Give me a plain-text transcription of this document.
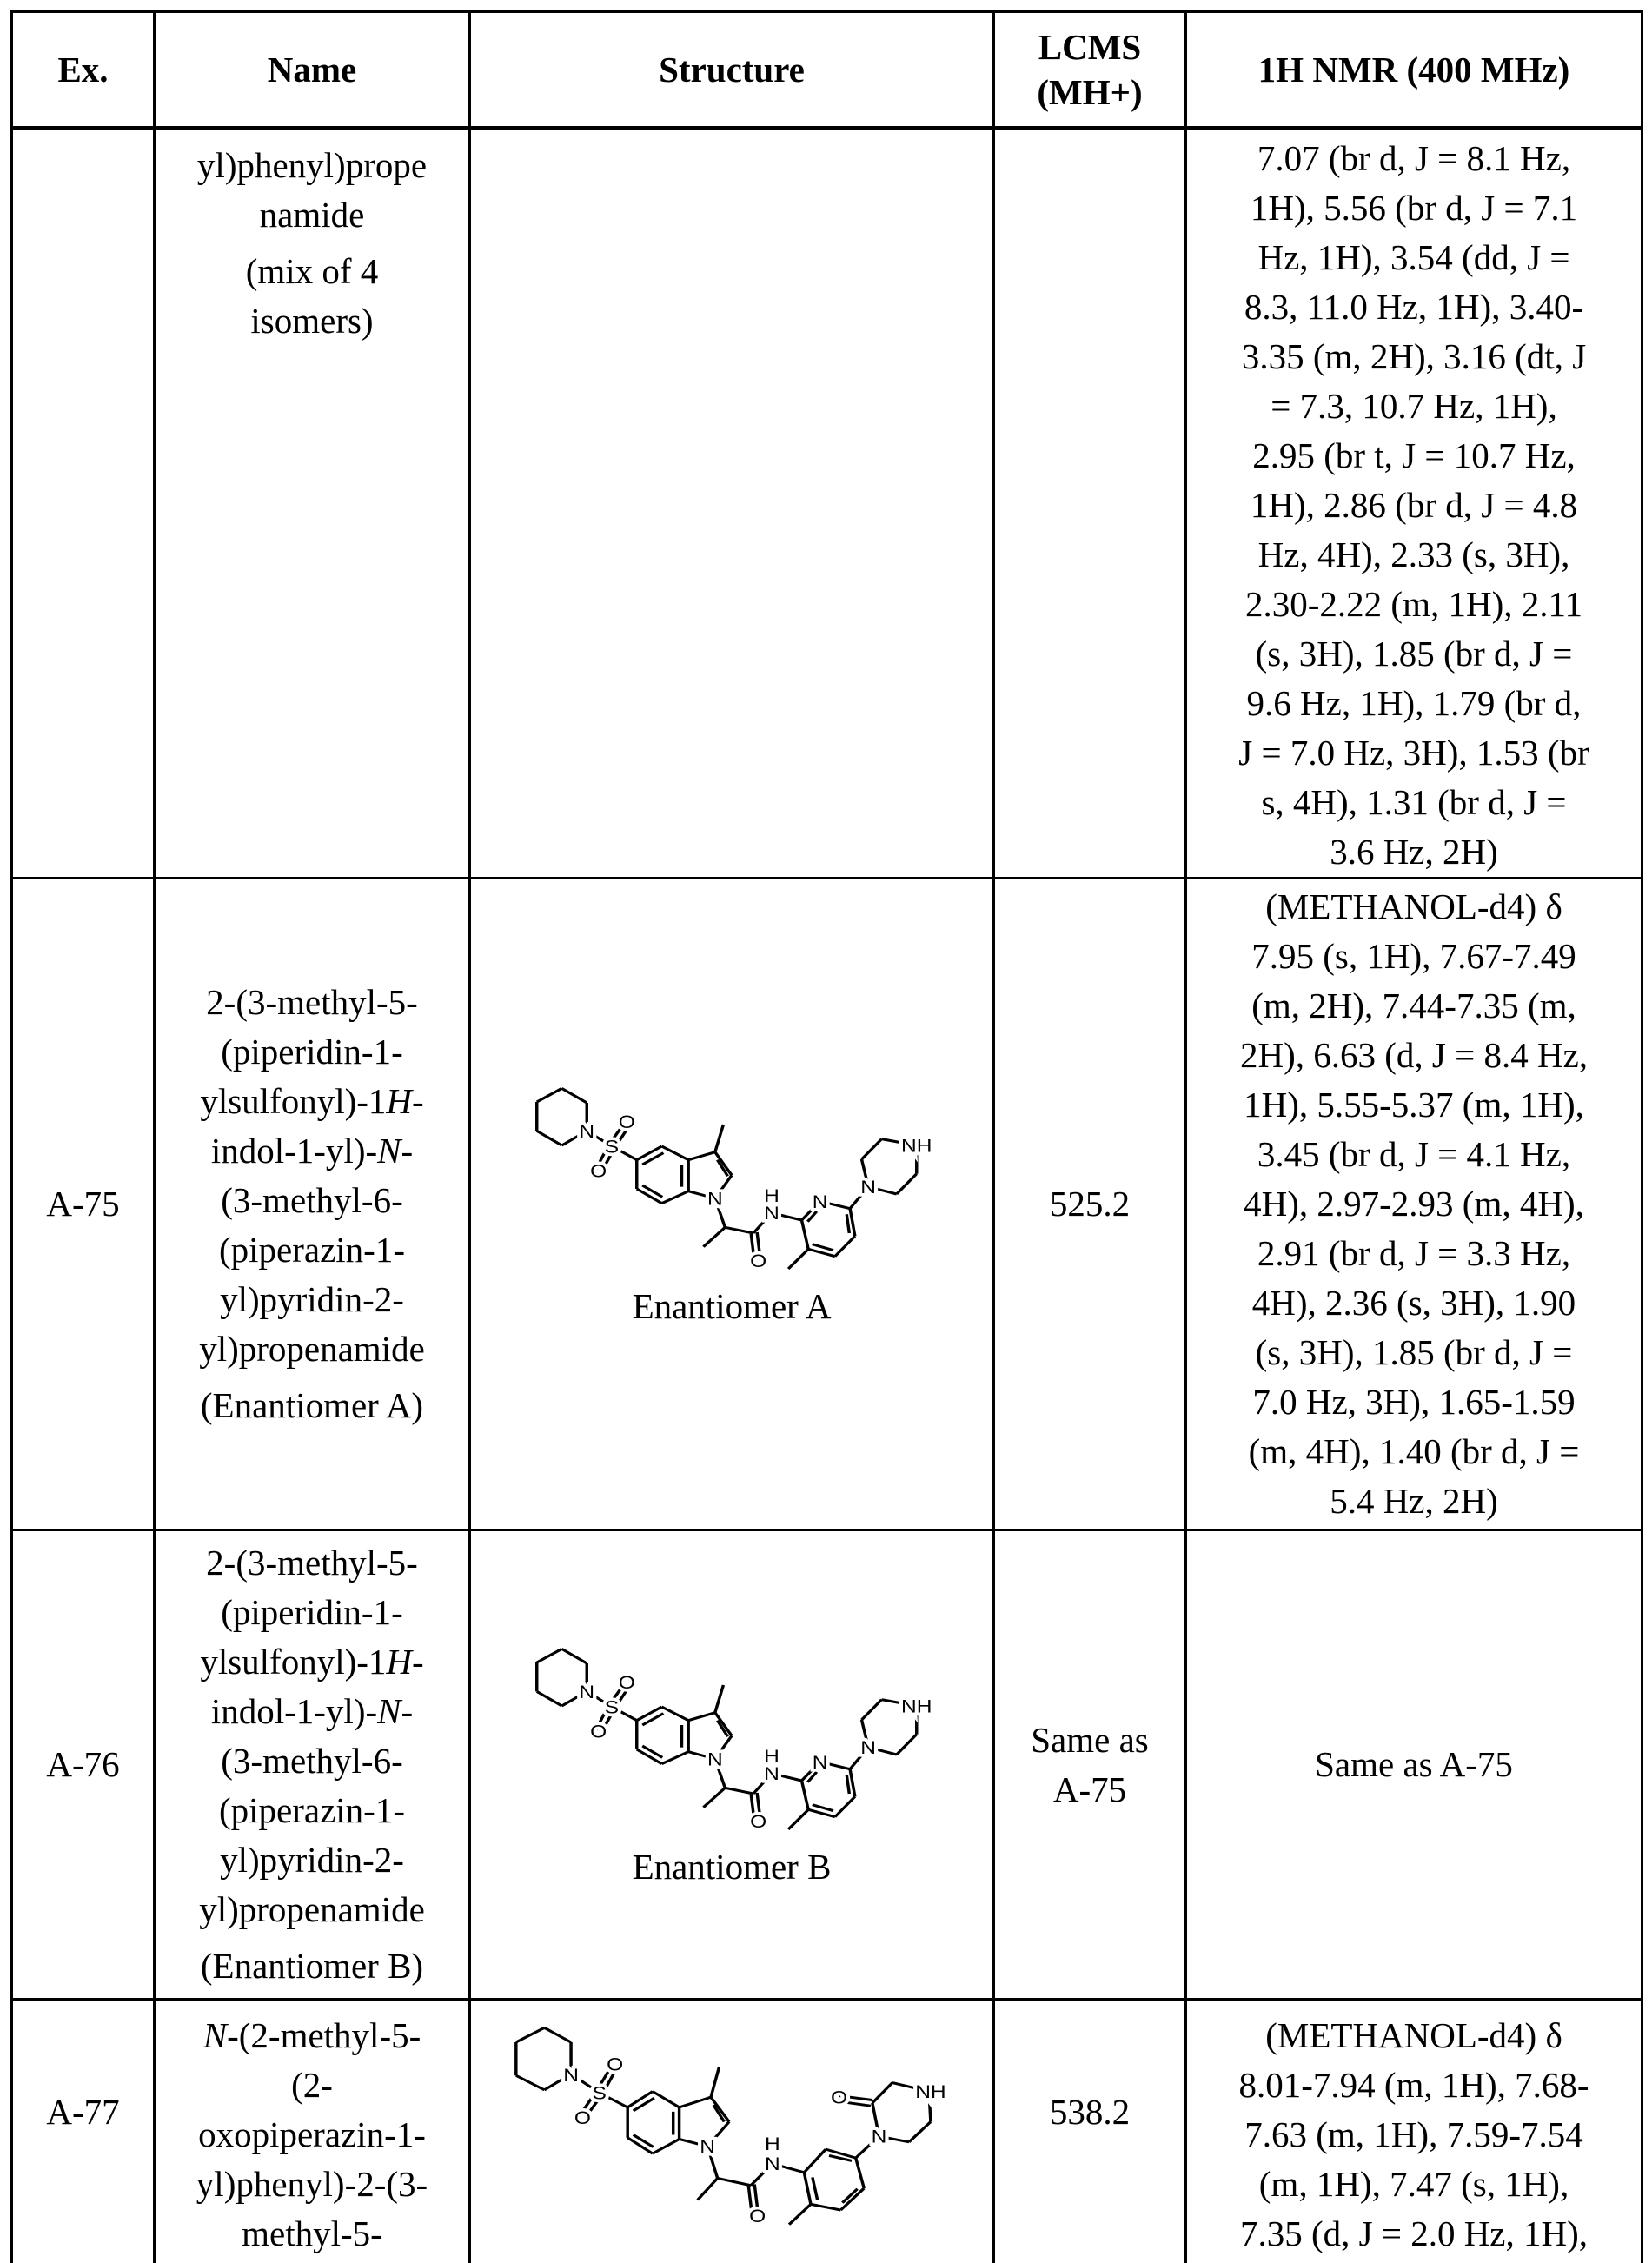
Ex.	Name	Structure	
LCMS
(MH+)
	1H NMR (400 MHz)

yl)phenyl)prope
namide
(mix of 4
isomers)

7.07 (br d, J = 8.1 Hz,
1H), 5.56 (br d, J = 7.1
Hz, 1H), 3.54 (dd, J =
8.3, 11.0 Hz, 1H), 3.40-
3.35 (m, 2H), 3.16 (dt, J
= 7.3, 10.7 Hz, 1H),
2.95 (br t, J = 10.7 Hz,
1H), 2.86 (br d, J = 4.8
Hz, 4H), 2.33 (s, 3H),
2.30-2.22 (m, 1H), 2.11
(s, 3H), 1.85 (br d, J =
9.6 Hz, 1H), 1.79 (br d,
J = 7.0 Hz, 3H), 1.53 (br
s, 4H), 1.31 (br d, J =
3.6 Hz, 2H)

A-75	
2-(3-methyl-5-
(piperidin-1-
ylsulfonyl)-1H-
indol-1-yl)-N-
(3-methyl-6-
(piperazin-1-
yl)pyridin-2-
yl)propenamide
(Enantiomer A)

N
S
O
O
N H
N
O
N
N
NH
Enantiomer A

525.2

(METHANOL-d4) δ
7.95 (s, 1H), 7.67-7.49
(m, 2H), 7.44-7.35 (m,
2H), 6.63 (d, J = 8.4 Hz,
1H), 5.55-5.37 (m, 1H),
3.45 (br d, J = 4.1 Hz,
4H), 2.97-2.93 (m, 4H),
2.91 (br d, J = 3.3 Hz,
4H), 2.36 (s, 3H), 1.90
(s, 3H), 1.85 (br d, J =
7.0 Hz, 3H), 1.65-1.59
(m, 4H), 1.40 (br d, J =
5.4 Hz, 2H)

A-76	
2-(3-methyl-5-
(piperidin-1-
ylsulfonyl)-1H-
indol-1-yl)-N-
(3-methyl-6-
(piperazin-1-
yl)pyridin-2-
yl)propenamide
(Enantiomer B)

N
S
O
O
N H
N
O
N
N
NH
Enantiomer B

Same as
A-75

Same as A-75

A-77	
N-(2-methyl-5-
(2-
oxopiperazin-1-
yl)phenyl)-2-(3-
methyl-5-

N
S
O
O
N H
N
O
N
O NH

538.2

(METHANOL-d4) δ
8.01-7.94 (m, 1H), 7.68-
7.63 (m, 1H), 7.59-7.54
(m, 1H), 7.47 (s, 1H),
7.35 (d, J = 2.0 Hz, 1H),
